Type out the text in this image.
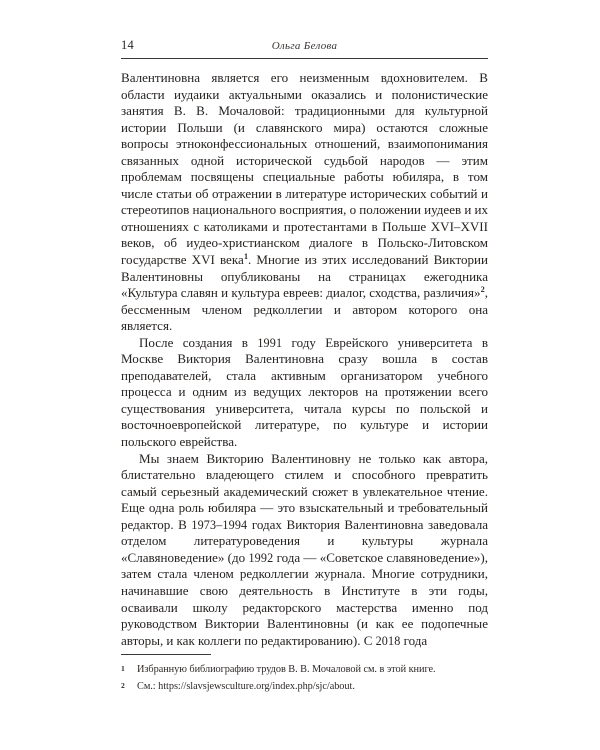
14	Ольга Белова

Валентиновна является его неизменным вдохновителем. В области иудаики актуальными оказались и полонистические занятия В. В. Мочаловой: традиционными для культурной истории Польши (и славянского мира) остаются сложные вопросы этноконфессиональных отношений, взаимопонимания связанных одной исторической судьбой народов — этим проблемам посвящены специальные работы юбиляра, в том числе статьи об отражении в литературе исторических событий и стереотипов национального восприятия, о положении иудеев и их отношениях с католиками и протестантами в Польше XVI–XVII веков, об иудео-христианском диалоге в Польско-Литовском государстве XVI века$^1$. Многие из этих исследований Виктории Валентиновны опубликованы на страницах ежегодника «Культура славян и культура евреев: диалог, сходства, различия»$^2$, бессменным членом редколлегии и автором которого она является.

После создания в 1991 году Еврейского университета в Москве Виктория Валентиновна сразу вошла в состав преподавателей, стала активным организатором учебного процесса и одним из ведущих лекторов на протяжении всего существования университета, читала курсы по польской и восточноевропейской литературе, по культуре и истории польского еврейства.

Мы знаем Викторию Валентиновну не только как автора, блистательно владеющего стилем и способного превратить самый серьезный академический сюжет в увлекательное чтение. Еще одна роль юбиляра — это взыскательный и требовательный редактор. В 1973–1994 годах Виктория Валентиновна заведовала отделом литературоведения и культуры журнала «Славяноведение» (до 1992 года — «Советское славяноведение»), затем стала членом редколлегии журнала. Многие сотрудники, начинавшие свою деятельность в Институте в эти годы, осваивали школу редакторского мастерства именно под руководством Виктории Валентиновны (и как ее подопечные авторы, и как коллеги по редактированию). С 2018 года

1 Избранную библиографию трудов В. В. Мочаловой см. в этой книге.
2 См.: https://slavsjewsculture.org/index.php/sjc/about.
